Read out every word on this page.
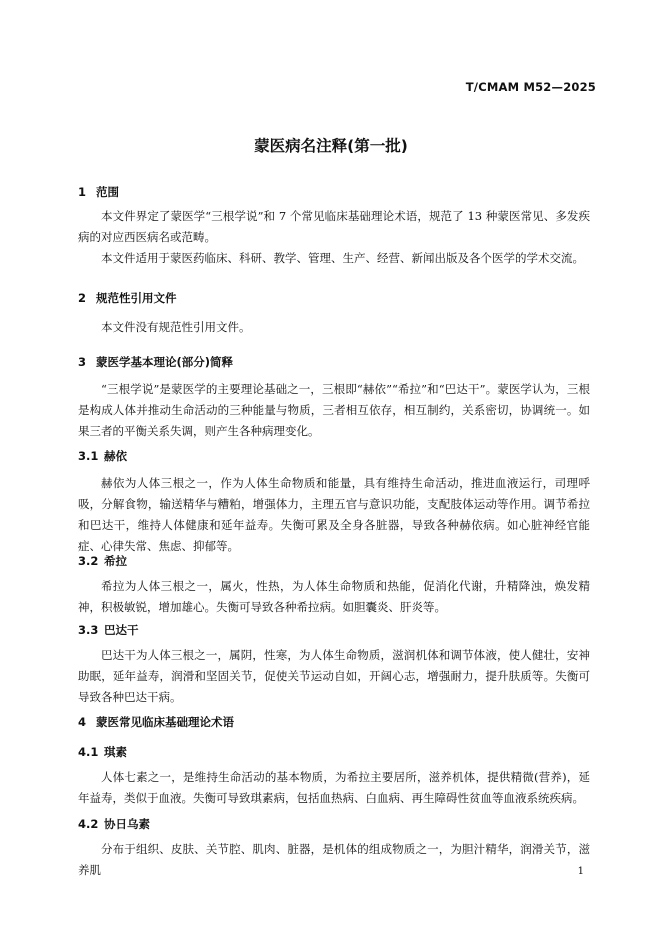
T/CMAM M52—2025
蒙医病名注释(第一批)
1 范围
本文件界定了蒙医学“三根学说”和 7 个常见临床基础理论术语，规范了 13 种蒙医常见、多发疾病的对应西医病名或范畴。
本文件适用于蒙医药临床、科研、教学、管理、生产、经营、新闻出版及各个医学的学术交流。
2 规范性引用文件
本文件没有规范性引用文件。
3 蒙医学基本理论(部分)简释
“三根学说”是蒙医学的主要理论基础之一，三根即“赫依”“希拉”和“巴达干”。蒙医学认为，三根是构成人体并推动生命活动的三种能量与物质，三者相互依存，相互制约，关系密切，协调统一。如果三者的平衡关系失调，则产生各种病理变化。
3.1 赫依
赫依为人体三根之一，作为人体生命物质和能量，具有维持生命活动，推进血液运行，司理呼吸，分解食物，输送精华与糟粕，增强体力，主理五官与意识功能，支配肢体运动等作用。调节希拉和巴达干，维持人体健康和延年益寿。失衡可累及全身各脏器，导致各种赫依病。如心脏神经官能症、心律失常、焦虑、抑郁等。
3.2 希拉
希拉为人体三根之一，属火，性热，为人体生命物质和热能，促消化代谢，升精降浊，焕发精神，积极敏锐，增加雄心。失衡可导致各种希拉病。如胆囊炎、肝炎等。
3.3 巴达干
巴达干为人体三根之一，属阴，性寒，为人体生命物质，滋润机体和调节体液，使人健壮，安神助眠，延年益寿，润滑和坚固关节，促使关节运动自如，开阔心志，增强耐力，提升肤质等。失衡可导致各种巴达干病。
4 蒙医常见临床基础理论术语
4.1 琪素
人体七素之一，是维持生命活动的基本物质，为希拉主要居所，滋养机体，提供精微(营养)，延年益寿，类似于血液。失衡可导致琪素病，包括血热病、白血病、再生障碍性贫血等血液系统疾病。
4.2 协日乌素
分布于组织、皮肤、关节腔、肌肉、脏器，是机体的组成物质之一，为胆汁精华，润滑关节，滋养肌	1
